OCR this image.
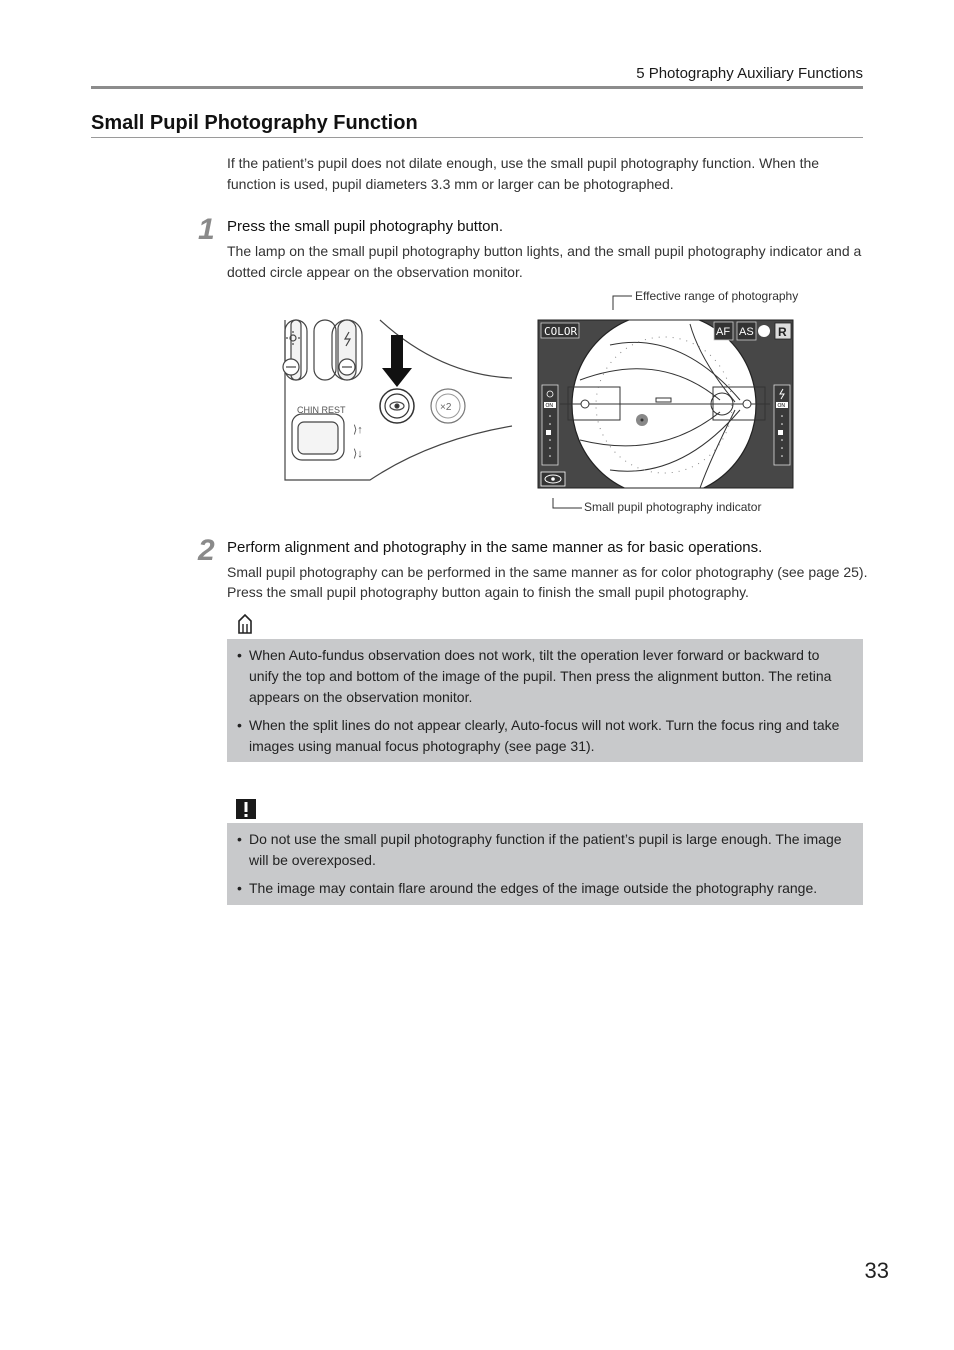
5 Photography Auxiliary Functions
Small Pupil Photography Function
If the patient’s pupil does not dilate enough, use the small pupil photography function. When the function is used, pupil diameters 3.3 mm or larger can be photographed.
1 Press the small pupil photography button.
The lamp on the small pupil photography button lights, and the small pupil photography indicator and a dotted circle appear on the observation monitor.
Effective range of photography
Small pupil photography indicator
CHIN REST
⟩↑
⟩↓
×2	ON	ON
COLOR	AF AS R
2 Perform alignment and photography in the same manner as for basic operations.
Small pupil photography can be performed in the same manner as for color photography (see page 25).
Press the small pupil photography button again to finish the small pupil photography.
• When Auto-fundus observation does not work, tilt the operation lever forward or backward to unify the top and bottom of the image of the pupil. Then press the alignment button. The retina appears on the observation monitor.
• When the split lines do not appear clearly, Auto-focus will not work. Turn the focus ring and take images using manual focus photography (see page 31).
• Do not use the small pupil photography function if the patient’s pupil is large enough. The image will be overexposed.
• The image may contain flare around the edges of the image outside the photography range.
33
